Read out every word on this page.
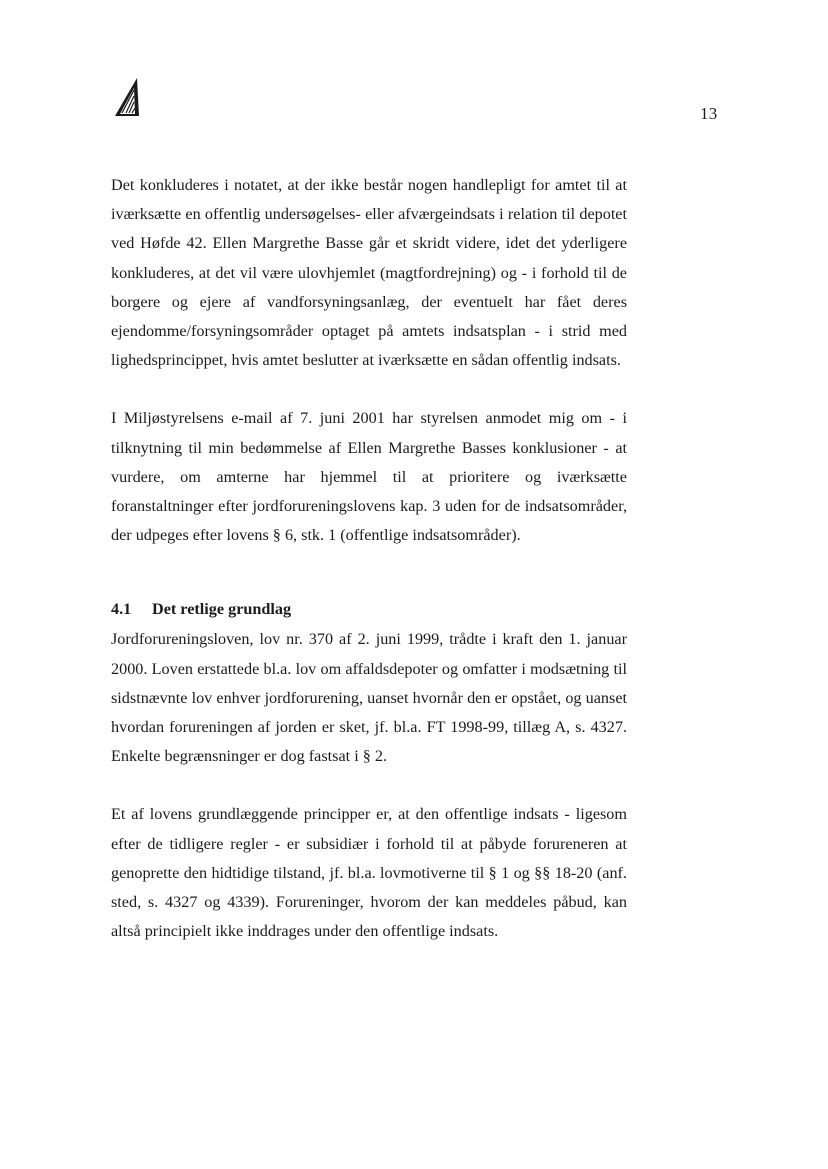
13

Det konkluderes i notatet, at der ikke består nogen handlepligt for amtet til at iværksætte en offentlig undersøgelses- eller afværgeindsats i relation til depotet ved Høfde 42. Ellen Margrethe Basse går et skridt videre, idet det yderligere konkluderes, at det vil være ulovhjemlet (magtfordrejning) og - i forhold til de borgere og ejere af vandforsyningsanlæg, der eventuelt har fået deres ejendomme/forsyningsområder optaget på amtets indsatsplan - i strid med lighedsprincippet, hvis amtet beslutter at iværksætte en sådan offentlig indsats.

I Miljøstyrelsens e-mail af 7. juni 2001 har styrelsen anmodet mig om - i tilknytning til min bedømmelse af Ellen Margrethe Basses konklusioner - at vurdere, om amterne har hjemmel til at prioritere og iværksætte foranstaltninger efter jordforureningslovens kap. 3 uden for de indsatsområder, der udpeges efter lovens § 6, stk. 1 (offentlige indsatsområder).

4.1 Det retlige grundlag

Jordforureningsloven, lov nr. 370 af 2. juni 1999, trådte i kraft den 1. januar 2000. Loven erstattede bl.a. lov om affaldsdepoter og omfatter i modsætning til sidstnævnte lov enhver jordforurening, uanset hvornår den er opstået, og uanset hvordan forureningen af jorden er sket, jf. bl.a. FT 1998-99, tillæg A, s. 4327. Enkelte begrænsninger er dog fastsat i § 2.

Et af lovens grundlæggende principper er, at den offentlige indsats - ligesom efter de tidligere regler - er subsidiær i forhold til at påbyde forureneren at genoprette den hidtidige tilstand, jf. bl.a. lovmotiverne til § 1 og §§ 18-20 (anf. sted, s. 4327 og 4339). Forureninger, hvorom der kan meddeles påbud, kan altså principielt ikke inddrages under den offentlige indsats.
